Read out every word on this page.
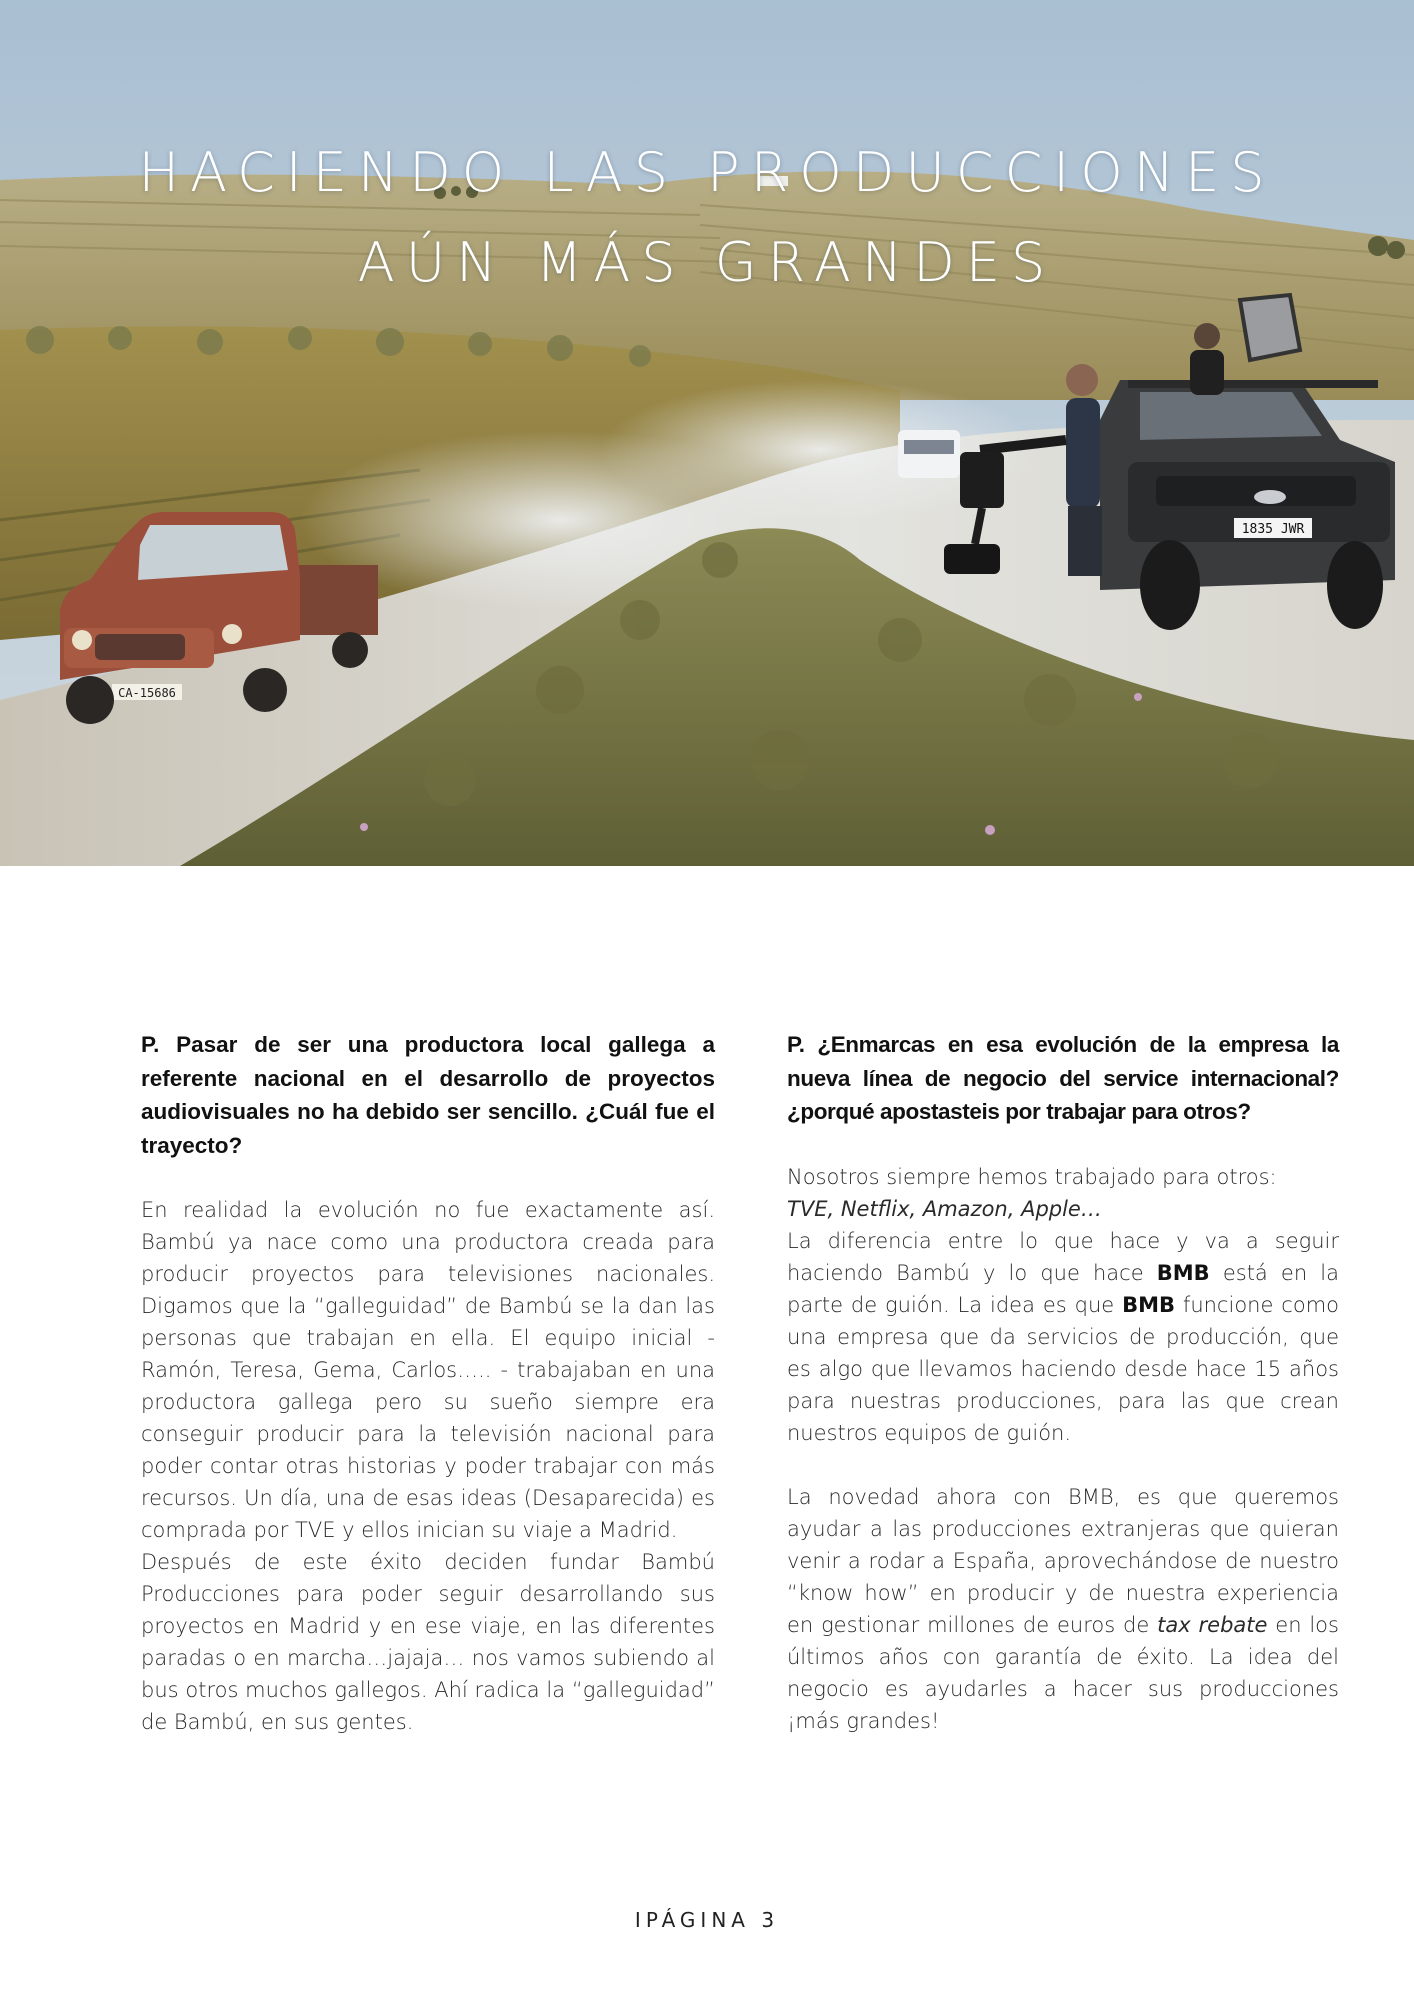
CA-15686
1835 JWR
HACIENDO LAS PRODUCCIONES
AÚN MÁS GRANDES

P. Pasar de ser una productora local gallega a referente nacional en el desarrollo de proyectos audiovisuales no ha debido ser sencillo. ¿Cuál fue el trayecto?

En realidad la evolución no fue exactamente así. Bambú ya nace como una productora creada para producir proyectos para televisiones nacionales. Digamos que la “galleguidad” de Bambú se la dan las personas que trabajan en ella. El equipo inicial -Ramón, Teresa, Gema, Carlos….. - trabajaban en una productora gallega pero su sueño siempre era conseguir producir para la televisión nacional para poder contar otras historias y poder trabajar con más recursos. Un día, una de esas ideas (Desaparecida) es comprada por TVE y ellos inician su viaje a Madrid.

Después de este éxito deciden fundar Bambú Producciones para poder seguir desarrollando sus proyectos en Madrid y en ese viaje, en las diferentes paradas o en marcha…jajaja… nos vamos subiendo al bus otros muchos gallegos. Ahí radica la “galleguidad” de Bambú, en sus gentes.

P. ¿Enmarcas en esa evolución de la empresa la nueva línea de negocio del service internacional? ¿porqué apostasteis por trabajar para otros?

Nosotros siempre hemos trabajado para otros:
TVE, Netflix, Amazon, Apple…

La diferencia entre lo que hace y va a seguir haciendo Bambú y lo que hace BMB está en la parte de guión. La idea es que BMB funcione como una empresa que da servicios de producción, que es algo que llevamos haciendo desde hace 15 años para nuestras producciones, para las que crean nuestros equipos de guión.

La novedad ahora con BMB, es que queremos ayudar a las producciones extranjeras que quieran venir a rodar a España, aprovechándose de nuestro “know how” en producir y de nuestra experiencia en gestionar millones de euros de tax rebate en los últimos años con garantía de éxito. La idea del negocio es ayudarles a hacer sus producciones ¡más grandes!

IPÁGINA 3
